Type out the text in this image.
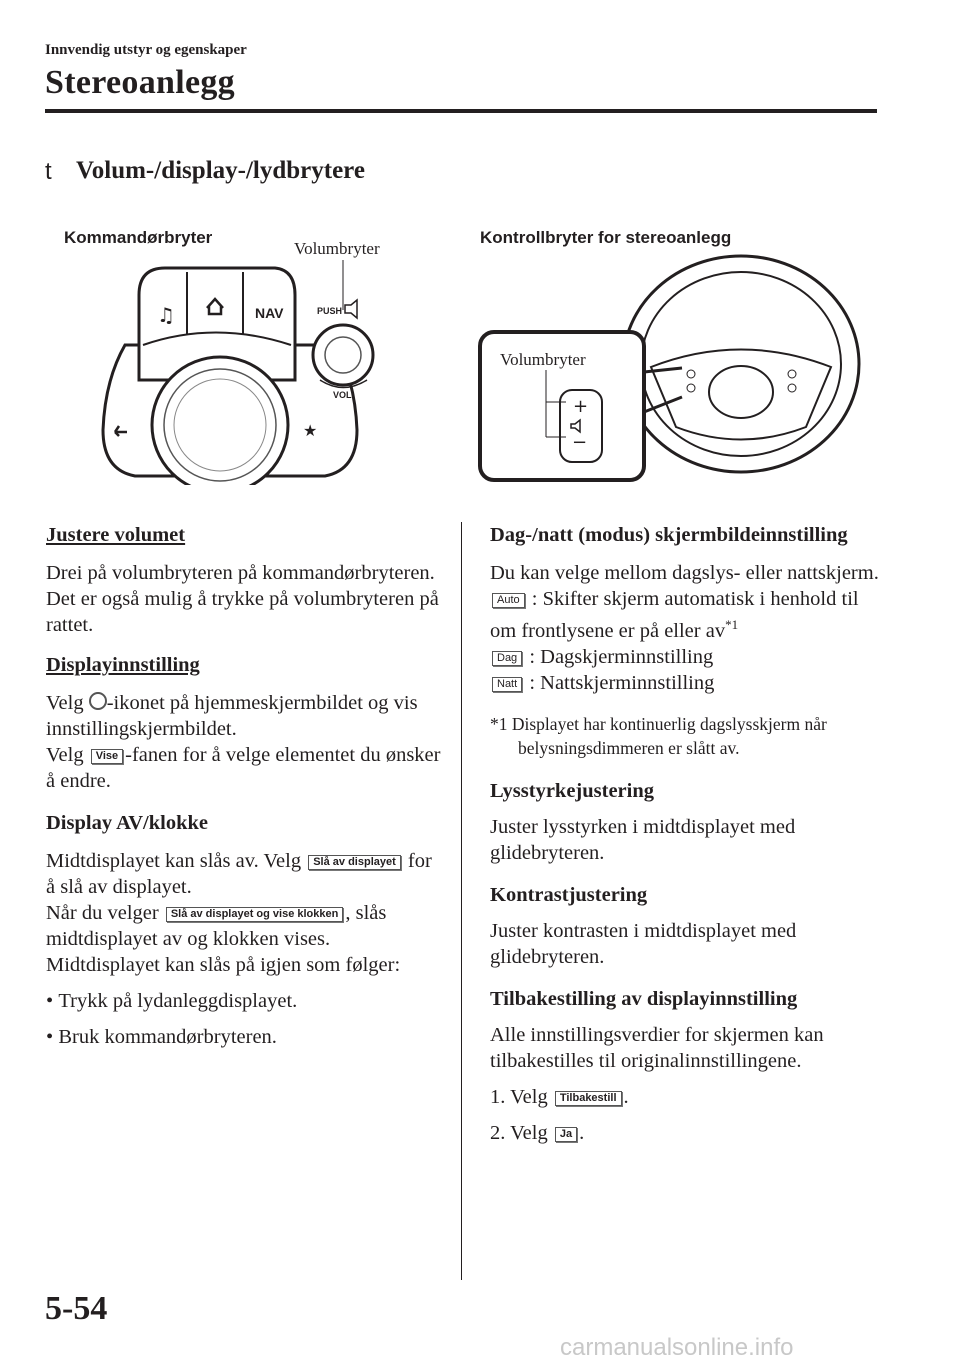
Innvendig utstyr og egenskaper
Stereoanlegg
t Volum-/display-/lydbrytere
Kommandørbryter
Volumbryter
Kontrollbryter for stereoanlegg
♫	NAV
★
PUSH
VOL
+
−
Volumbryter

Justere volumet

Drei på volumbryteren på kommandørbryteren.

Det er også mulig å trykke på volumbryteren på rattet.

Displayinnstilling

Velg -ikonet på hjemmeskjermbildet og vis innstillingskjermbildet.

Velg Vise -fanen for å velge elementet du ønsker å endre.

Display AV/klokke

Midtdisplayet kan slås av. Velg Slå av displayet for å slå av displayet.

Når du velger Slå av displayet og vise klokken , slås midtdisplayet av og klokken vises.

Midtdisplayet kan slås på igjen som følger:

• Trykk på lydanleggdisplayet.

• Bruk kommandørbryteren.

Dag-/natt (modus) skjermbildeinnstilling

Du kan velge mellom dagslys- eller nattskjerm.

Auto : Skifter skjerm automatisk i henhold til om frontlysene er på eller $av^{*1}$

Dag : Dagskjerminnstilling

Natt : Nattskjerminnstilling

*1 Displayet har kontinuerlig dagslysskjerm når belysningsdimmeren er slått av.

Lysstyrkejustering

Juster lysstyrken i midtdisplayet med glidebryteren.

Kontrastjustering

Juster kontrasten i midtdisplayet med glidebryteren.

Tilbakestilling av displayinnstilling

Alle innstillingsverdier for skjermen kan tilbakestilles til originalinnstillingene.

1. Velg Tilbakestill .

2. Velg Ja .

5-54
carmanualsonline.info
